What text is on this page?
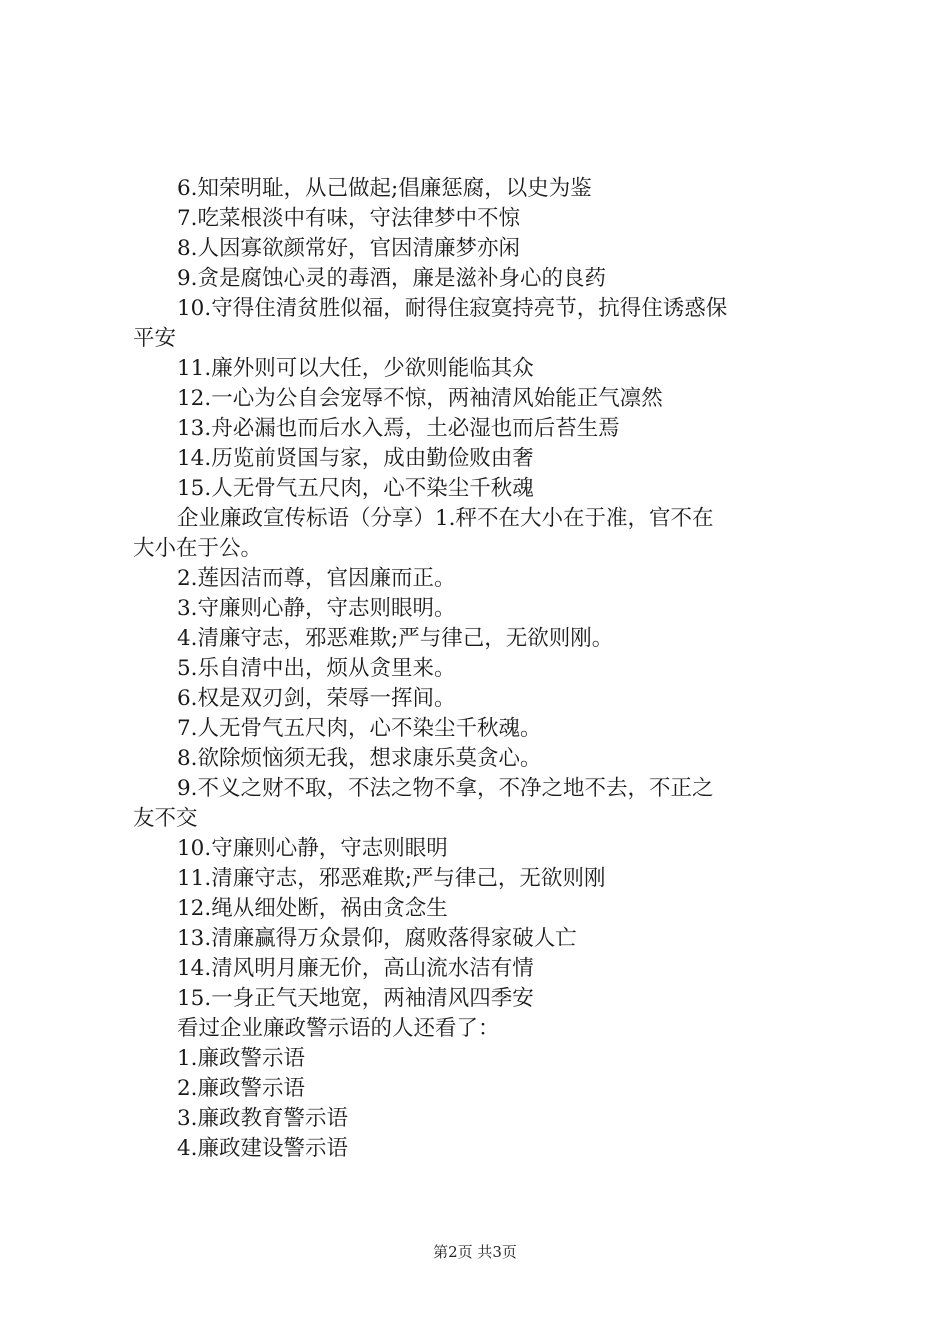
6.知荣明耻，从己做起;倡廉惩腐，以史为鉴
7.吃菜根淡中有味，守法律梦中不惊
8.人因寡欲颜常好，官因清廉梦亦闲
9.贪是腐蚀心灵的毒酒，廉是滋补身心的良药
10.守得住清贫胜似福，耐得住寂寞持亮节，抗得住诱惑保
平安
11.廉外则可以大任，少欲则能临其众
12.一心为公自会宠辱不惊，两袖清风始能正气凛然
13.舟必漏也而后水入焉，土必湿也而后苔生焉
14.历览前贤国与家，成由勤俭败由奢
15.人无骨气五尺肉，心不染尘千秋魂
企业廉政宣传标语（分享）1.秤不在大小在于准，官不在
大小在于公。
2.莲因洁而尊，官因廉而正。
3.守廉则心静，守志则眼明。
4.清廉守志，邪恶难欺;严与律己，无欲则刚。
5.乐自清中出，烦从贪里来。
6.权是双刃剑，荣辱一挥间。
7.人无骨气五尺肉，心不染尘千秋魂。
8.欲除烦恼须无我，想求康乐莫贪心。
9.不义之财不取，不法之物不拿，不净之地不去，不正之
友不交
10.守廉则心静，守志则眼明
11.清廉守志，邪恶难欺;严与律己，无欲则刚
12.绳从细处断，祸由贪念生
13.清廉赢得万众景仰，腐败落得家破人亡
14.清风明月廉无价，高山流水洁有情
15.一身正气天地宽，两袖清风四季安
看过企业廉政警示语的人还看了：
1.廉政警示语
2.廉政警示语
3.廉政教育警示语
4.廉政建设警示语
第2页 共3页
